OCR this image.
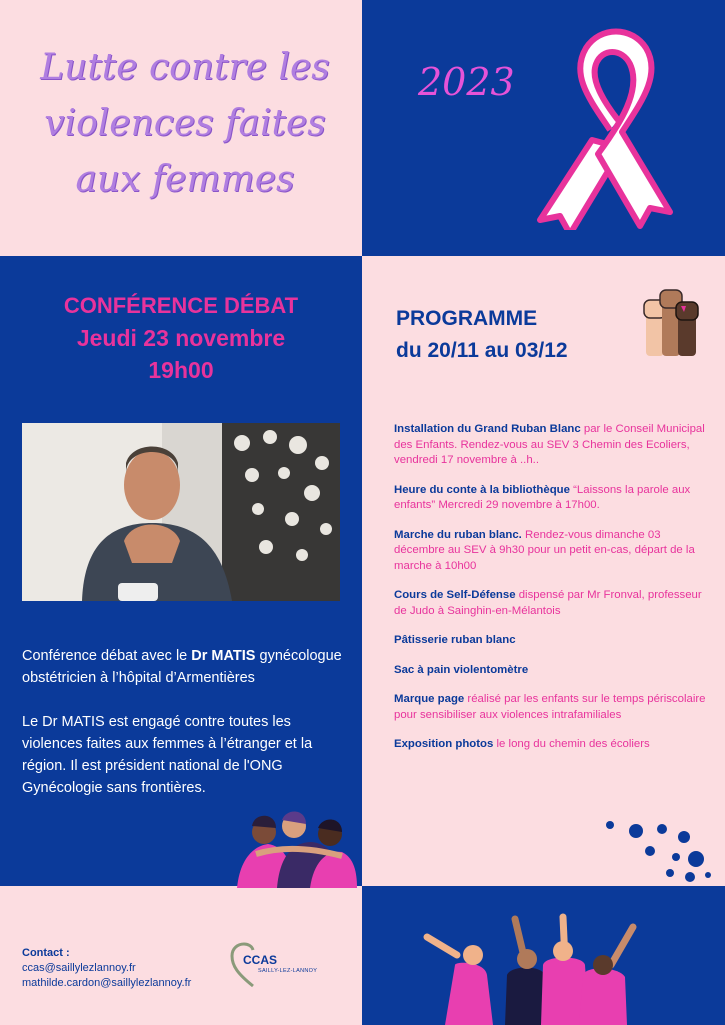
Lutte contre les
violences faites
aux femmes
2023
CONFÉRENCE DÉBAT
Jeudi 23 novembre
19h00

Conférence débat avec le Dr MATIS gynécologue obstétricien à l’hôpital d’Armentières

Le Dr MATIS est engagé contre toutes les violences faites aux femmes à l’étranger et la région. Il est président national de l'ONG Gynécologie sans frontières.

PROGRAMME
du 20/11 au 03/12
Installation du Grand Ruban Blanc par le Conseil Municipal des Enfants. Rendez-vous au SEV 3 Chemin des Ecoliers, vendredi 17 novembre à ..h..
Heure du conte à la bibliothèque “Laissons la parole aux enfants” Mercredi 29 novembre à 17h00.
Marche du ruban blanc. Rendez-vous dimanche 03 décembre au SEV à 9h30 pour un petit en-cas, départ de la marche à 10h00
Cours de Self-Défense dispensé par Mr Fronval, professeur de Judo à Sainghin-en-Mélantois
Pâtisserie ruban blanc
Sac à pain violentomètre
Marque page réalisé par les enfants sur le temps périscolaire pour sensibiliser aux violences intrafamiliales
Exposition photos le long du chemin des écoliers
Contact :
ccas@saillylezlannoy.fr
mathilde.cardon@saillylezlannoy.fr
CCAS
SAILLY-LEZ-LANNOY
